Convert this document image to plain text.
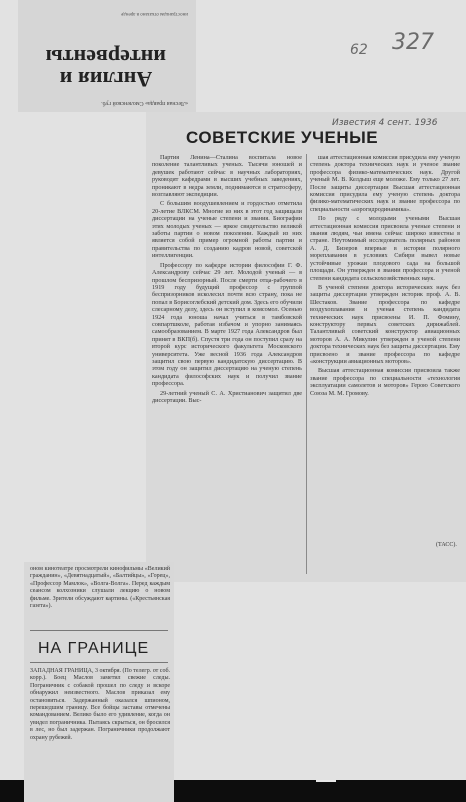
«Лесная правда» Смоленской губ.
Англия и интервенты
иностранцам отказано в аренде
62 327
Известия 4 сент. 1936
СОВЕТСКИЕ УЧЕНЫЕ

Партия Ленина—Сталина воспитала новое поколение талантливых ученых. Тысячи юношей и девушек работают сейчас в научных лабораториях, руководят кафедрами в высших учебных заведениях, проникают в недра земли, поднимаются в стратосферу, возглавляют экспедиции.

С большим воодушевлением и гордостью отметила 20-летие ВЛКСМ. Многие из них в этот год защищали диссертации на ученые степени и звания. Биографии этих молодых ученых — яркое свидетельство великой заботы партии о новом поколении. Каждый из них является собой пример огромной работы партии и правительства по созданию кадров новой, советской интеллигенции.

Профессору по кафедре истории философии Г. Ф. Александрову сейчас 29 лет. Молодой ученый — в прошлом беспризорный. После смерти отца-рабочего в 1919 году будущий профессор с группой беспризорников исколесил почти всю страну, пока не попал в Борисоглебский детский дом. Здесь его обучили слесарному делу, здесь он вступил в комсомол. Осенью 1924 года юноша начал учиться в тамбовской совпартшколе, работая избачом и упорно занимаясь самообразованием. В марте 1927 года Александров был принят в ВКП(б). Спустя три года он поступил сразу на второй курс исторического факультета Московского университета. Уже весной 1936 года Александров защитил свою первую кандидатскую диссертацию. В этом году он защитил диссертацию на ученую степень кандидата философских наук и получил звание профессора.

29-летний ученый С. А. Христианович защитил две диссертации. Выс-

шая аттестационная комиссия присудила ему ученую степень доктора технических наук и ученое звание профессора физико-математических наук. Другой ученый М. В. Келдыш еще моложе. Ему только 27 лет. После защиты диссертации Высшая аттестационная комиссия присудила ему ученую степень доктора физико-математических наук и звание профессора по специальности «аэрогидродинамика».

По ряду с молодыми учеными Высшая аттестационная комиссия присвоила ученые степени и звания людям, чьи имена сейчас широко известны в стране. Неутомимый исследователь полярных районов А. Д. Бизеров впервые в истории полярного мореплавания в условиях Сибири вывел новые устойчивые урожаи плодового сада на большой площади. Он утвержден в звании профессора и ученой степени кандидата сельскохозяйственных наук.

В ученой степени доктора исторических наук без защиты диссертации утвержден историк проф. А. В. Шестаков. Звание профессора по кафедре воздухоплавания и ученая степень кандидата технических наук присвоены И. П. Фомину, конструктору первых советских дирижаблей. Талантливый советский конструктор авиационных моторов А. А. Микулин утвержден в ученой степени доктора технических наук без защиты диссертации. Ему присвоено и звание профессора по кафедре «конструкции авиационных моторов».

Высшая аттестационная комиссия присвоила также звание профессора по специальности «технология эксплуатации самолетов и моторов» Герою Советского Союза М. М. Громову.

(ТАСС).
оном кинотеатре просмотрели кинофильмы «Великий гражданин», «Девятнадцатый», «Балтийцы», «Горец», «Профессор Мамлок», «Волга-Волга». Перед каждым сеансом колхозники слушали лекцию о новом фильме. Зрители обсуждают картины. («Крестьянская газета»).
НА ГРАНИЦЕ
ЗАПАДНАЯ ГРАНИЦА, 3 октября. (По телегр. от соб. корр.). Боец Маслов заметил свежие следы. Пограничник с собакой прошел по следу и вскоре обнаружил неизвестного. Маслов приказал ему остановиться. Задержанный оказался шпионом, перешедшим границу. Все бойцы заставы отмечены командованием. Велико было его удивление, когда он увидел пограничника. Пытаясь скрыться, он бросился в лес, но был задержан. Пограничники продолжают охрану рубежей.
